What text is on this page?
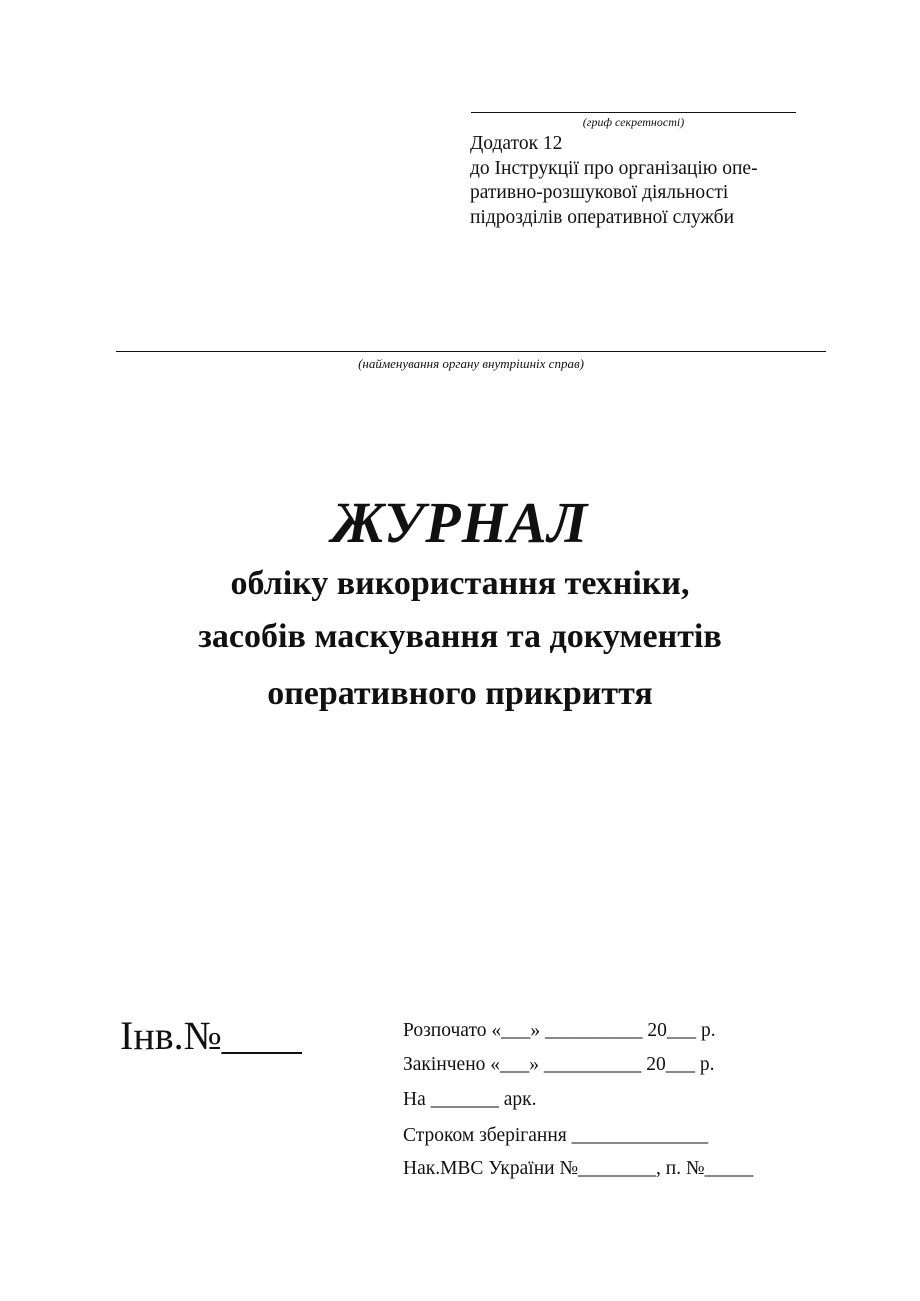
(гриф секретності)
Додаток 12
до Інструкції про організацію опе-
ративно-розшукової діяльності
підрозділів оперативної служби
(найменування органу внутрішніх справ)
ЖУРНАЛ
обліку використання техніки,
засобів маскування та документів
оперативного прикриття
Інв.№____	Розпочато «___» __________ 20___ р.
Закінчено «___» __________ 20___ р.
На _______ арк.
Строком зберігання ______________
Нак.МВС України №________, п. №_____
